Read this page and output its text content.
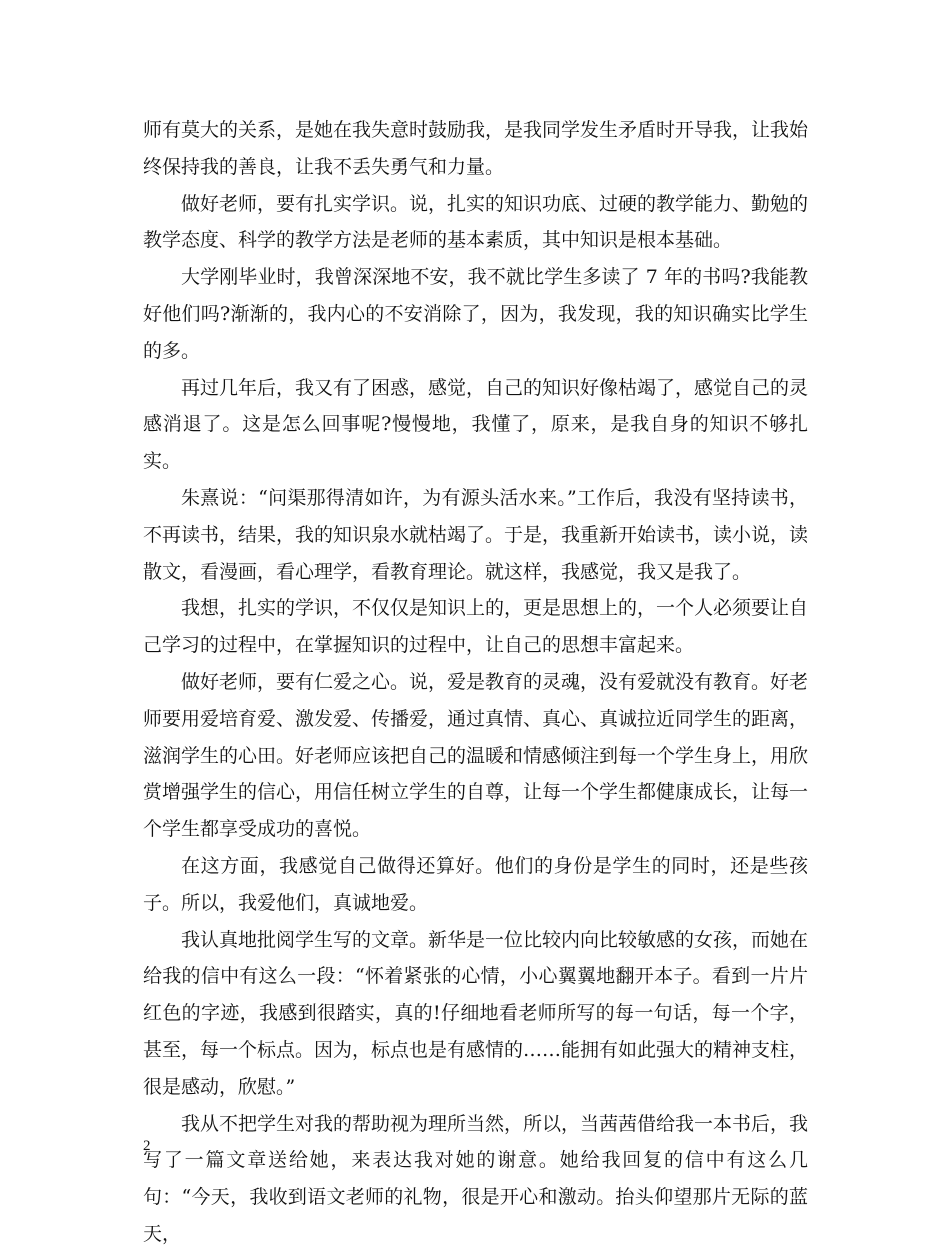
师有莫大的关系，是她在我失意时鼓励我，是我同学发生矛盾时开导我，让我始终保持我的善良，让我不丢失勇气和力量。

做好老师，要有扎实学识。说，扎实的知识功底、过硬的教学能力、勤勉的教学态度、科学的教学方法是老师的基本素质，其中知识是根本基础。

大学刚毕业时，我曾深深地不安，我不就比学生多读了 7 年的书吗?我能教好他们吗?渐渐的，我内心的不安消除了，因为，我发现，我的知识确实比学生的多。

再过几年后，我又有了困惑，感觉，自己的知识好像枯竭了，感觉自己的灵感消退了。这是怎么回事呢?慢慢地，我懂了，原来，是我自身的知识不够扎实。

朱熹说：“问渠那得清如许，为有源头活水来。”工作后，我没有坚持读书，不再读书，结果，我的知识泉水就枯竭了。于是，我重新开始读书，读小说，读散文，看漫画，看心理学，看教育理论。就这样，我感觉，我又是我了。

我想，扎实的学识，不仅仅是知识上的，更是思想上的，一个人必须要让自己学习的过程中，在掌握知识的过程中，让自己的思想丰富起来。

做好老师，要有仁爱之心。说，爱是教育的灵魂，没有爱就没有教育。好老师要用爱培育爱、激发爱、传播爱，通过真情、真心、真诚拉近同学生的距离，滋润学生的心田。好老师应该把自己的温暖和情感倾注到每一个学生身上，用欣赏增强学生的信心，用信任树立学生的自尊，让每一个学生都健康成长，让每一个学生都享受成功的喜悦。

在这方面，我感觉自己做得还算好。他们的身份是学生的同时，还是些孩子。所以，我爱他们，真诚地爱。

我认真地批阅学生写的文章。新华是一位比较内向比较敏感的女孩，而她在给我的信中有这么一段：“怀着紧张的心情，小心翼翼地翻开本子。看到一片片红色的字迹，我感到很踏实，真的!仔细地看老师所写的每一句话，每一个字，甚至，每一个标点。因为，标点也是有感情的……能拥有如此强大的精神支柱，很是感动，欣慰。”

我从不把学生对我的帮助视为理所当然，所以，当茜茜借给我一本书后，我写了一篇文章送给她，来表达我对她的谢意。她给我回复的信中有这么几句：“今天，我收到语文老师的礼物，很是开心和激动。抬头仰望那片无际的蓝天，

2
